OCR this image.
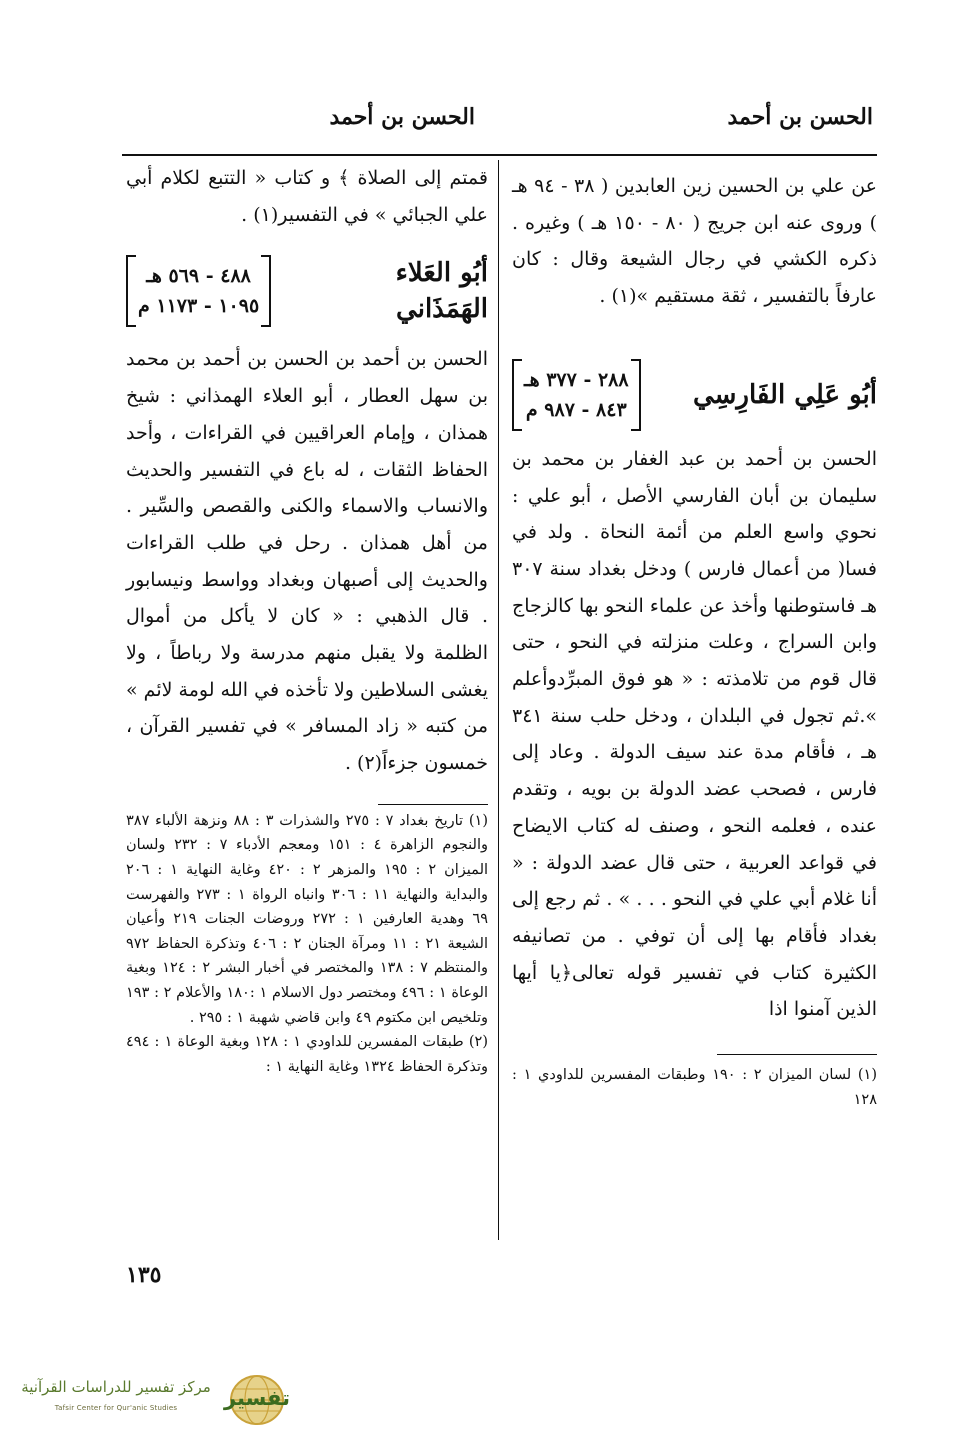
الحسن بن أحمد
الحسن بن أحمد

عن علي بن الحسين زين العابدين ( ٣٨ - ٩٤ هـ ) وروى عنه ابن جريج ( ٨٠ - ١٥٠ هـ ) وغيره . ذكره الكشي في رجال الشيعة وقال : كان عارفاً بالتفسير ، ثقة مستقيم »(١) .

أبُو عَلِي الفَارِسِي
٢٨٨ - ٣٧٧ هـ
٨٤٣ - ٩٨٧ م

الحسن بن أحمد بن عبد الغفار بن محمد بن سليمان بن أبان الفارسي الأصل ، أبو علي : نحوي واسع العلم من أئمة النحاة . ولد في فسا( من أعمال فارس ) ودخل بغداد سنة ٣٠٧ هـ فاستوطنها وأخذ عن علماء النحو بها كالزجاج وابن السراج ، وعلت منزلته في النحو ، حتى قال قوم من تلامذته : « هو فوق المبرِّدوأعلم ».ثم تجول في البلدان ، ودخل حلب سنة ٣٤١ هـ ، فأقام مدة عند سيف الدولة . وعاد إلى فارس ، فصحب عضد الدولة بن بويه ، وتقدم عنده ، فعلمه النحو ، وصنف له كتاب الايضاح في قواعد العربية ، حتى قال عضد الدولة : « أنا غلام أبي علي في النحو . . . » . ثم رجع إلى بغداد فأقام بها إلى أن توفي . من تصانيفه الكثيرة كتاب في تفسير قوله تعالى﴿يا أيها الذين آمنوا اذا

(١) لسان الميزان ٢ : ١٩٠ وطبقات المفسرين للداودي ١ : ١٢٨

قمتم إلى الصلاة ﴾ و كتاب « التتبع لكلام أبي علي الجبائي » في التفسير(١) .

أبُو العَلاء
الهَمَذَاني
٤٨٨ - ٥٦٩ هـ
١٠٩٥ - ١١٧٣ م

الحسن بن أحمد بن الحسن بن أحمد بن محمد بن سهل العطار ، أبو العلاء الهمذاني : شيخ همذان ، وإمام العراقيين في القراءات ، وأحد الحفاظ الثقات ، له باع في التفسير والحديث والانساب والاسماء والكنى والقصص والسِّير . من أهل همذان . رحل في طلب القراءات والحديث إلى أصبهان وبغداد وواسط ونيسابور . قال الذهبي : « كان لا يأكل من أموال الظلمة ولا يقبل منهم مدرسة ولا رباطاً ، ولا يغشى السلاطين ولا تأخذه في الله لومة لائم » من كتبه « زاد المسافر » في تفسير القرآن ، خمسون جزءاً(٢) .

(١) تاريخ بغداد ٧ : ٢٧٥ والشذرات ٣ : ٨٨ ونزهة الألباء ٣٨٧ والنجوم الزاهرة ٤ : ١٥١ ومعجم الأدباء ٧ : ٢٣٢ ولسان الميزان ٢ : ١٩٥ والمزهر ٢ : ٤٢٠ وغاية النهاية ١ : ٢٠٦ والبداية والنهاية ١١ : ٣٠٦ وانباه الرواة ١ : ٢٧٣ والفهرست ٦٩ وهدية العارفين ١ : ٢٧٢ وروضات الجنات ٢١٩ وأعيان الشيعة ٢١ : ١١ ومرآة الجنان ٢ : ٤٠٦ وتذكرة الحفاظ ٩٧٢ والمنتظم ٧ : ١٣٨ والمختصر في أخبار البشر ٢ : ١٢٤ وبغية الوعاة ١ : ٤٩٦ ومختصر دول الاسلام ١ :١٨٠ والأعلام ٢ : ١٩٣ وتلخيص ابن مكتوم ٤٩ وابن قاضي شهبة ١ : ٢٩٥ .

(٢) طبقات المفسرين للداودي ١ : ١٢٨ وبغية الوعاة ١ : ٤٩٤ وتذكرة الحفاظ ١٣٢٤ وغاية النهاية ١ :

١٣٥
مركز تفسير للدراسات القرآنية
Tafsir Center for Qur'anic Studies	تفسير
